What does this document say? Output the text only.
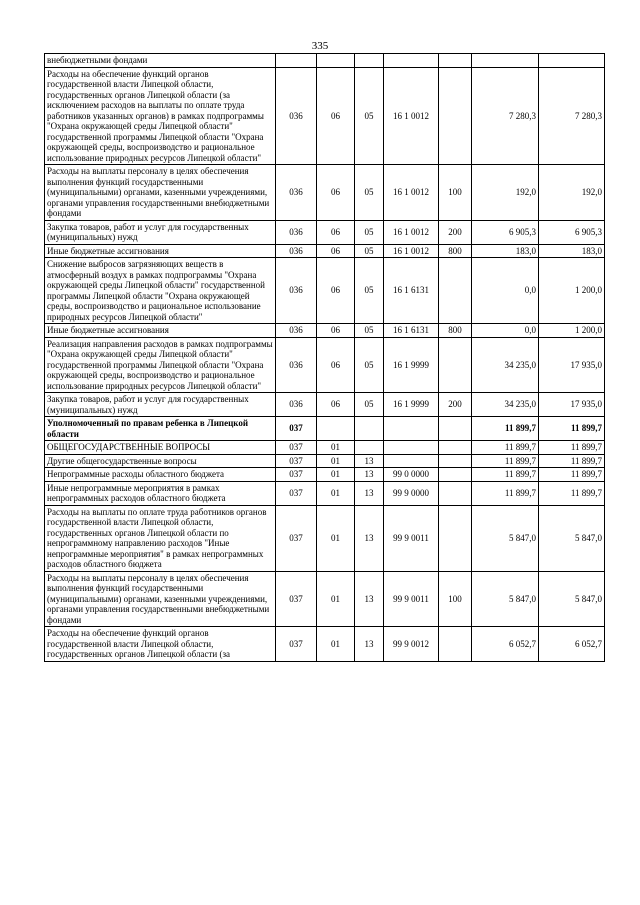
335
внебюджетными фондами							
Расходы на обеспечение функций органов государственной власти Липецкой области, государственных органов Липецкой области (за исключением расходов на выплаты по оплате труда работников указанных органов) в рамках подпрограммы "Охрана окружающей среды Липецкой области" государственной программы Липецкой области "Охрана окружающей среды, воспроизводство и рациональное использование природных ресурсов Липецкой области"	036	06	05	16 1 0012		7 280,3	7 280,3
Расходы на выплаты персоналу в целях обеспечения выполнения функций государственными (муниципальными) органами, казенными учреждениями, органами управления государственными внебюджетными фондами	036	06	05	16 1 0012	100	192,0	192,0
Закупка товаров, работ и услуг для государственных (муниципальных) нужд	036	06	05	16 1 0012	200	6 905,3	6 905,3
Иные бюджетные ассигнования	036	06	05	16 1 0012	800	183,0	183,0
Снижение выбросов загрязняющих веществ в атмосферный воздух в рамках подпрограммы "Охрана окружающей среды Липецкой области" государственной программы Липецкой области "Охрана окружающей среды, воспроизводство и рациональное использование природных ресурсов Липецкой области"	036	06	05	16 1 6131		0,0	1 200,0
Иные бюджетные ассигнования	036	06	05	16 1 6131	800	0,0	1 200,0
Реализация направления расходов в рамках подпрограммы "Охрана окружающей среды Липецкой области" государственной программы Липецкой области "Охрана окружающей среды, воспроизводство и рациональное использование природных ресурсов Липецкой области"	036	06	05	16 1 9999		34 235,0	17 935,0
Закупка товаров, работ и услуг для государственных (муниципальных) нужд	036	06	05	16 1 9999	200	34 235,0	17 935,0
Уполномоченный по правам ребенка в Липецкой области	037					11 899,7	11 899,7
ОБЩЕГОСУДАРСТВЕННЫЕ ВОПРОСЫ	037	01				11 899,7	11 899,7
Другие общегосударственные вопросы	037	01	13			11 899,7	11 899,7
Непрограммные расходы областного бюджета	037	01	13	99 0 0000		11 899,7	11 899,7
Иные непрограммные мероприятия в рамках непрограммных расходов областного бюджета	037	01	13	99 9 0000		11 899,7	11 899,7
Расходы на выплаты по оплате труда работников органов государственной власти Липецкой области, государственных органов Липецкой области по непрограммному направлению расходов "Иные непрограммные мероприятия" в рамках непрограммных расходов областного бюджета	037	01	13	99 9 0011		5 847,0	5 847,0
Расходы на выплаты персоналу в целях обеспечения выполнения функций государственными (муниципальными) органами, казенными учреждениями, органами управления государственными внебюджетными фондами	037	01	13	99 9 0011	100	5 847,0	5 847,0
Расходы на обеспечение функций органов государственной власти Липецкой области, государственных органов Липецкой области (за	037	01	13	99 9 0012		6 052,7	6 052,7
